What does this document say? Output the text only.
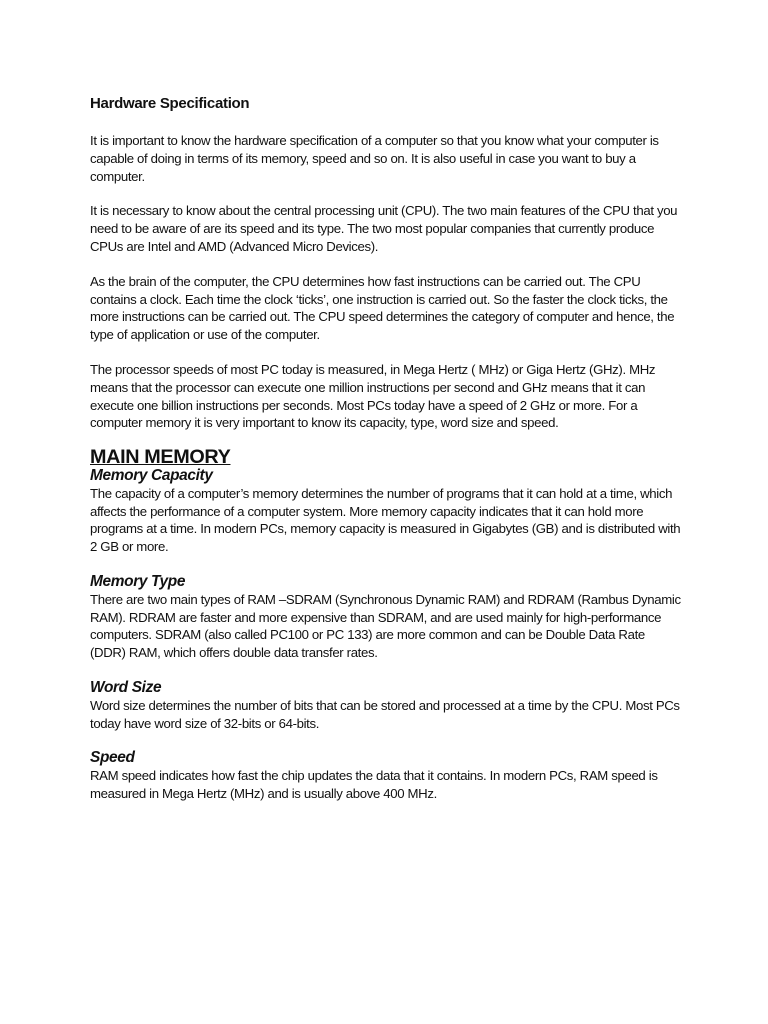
Hardware Specification

It is important to know the hardware specification of a computer so that you know what your computer is capable of doing in terms of its memory, speed and so on. It is also useful in case you want to buy a computer.

It is necessary to know about the central processing unit (CPU). The two main features of the CPU that you need to be aware of are its speed and its type. The two most popular companies that currently produce CPUs are Intel and AMD (Advanced Micro Devices).

As the brain of the computer, the CPU determines how fast instructions can be carried out. The CPU contains a clock. Each time the clock ‘ticks’, one instruction is carried out. So the faster the clock ticks, the more instructions can be carried out. The CPU speed determines the category of computer and hence, the type of application or use of the computer.

The processor speeds of most PC today is measured, in Mega Hertz ( MHz) or Giga Hertz (GHz). MHz means that the processor can execute one million instructions per second and GHz means that it can execute one billion instructions per seconds. Most PCs today have a speed of 2 GHz or more. For a computer memory it is very important to know its capacity, type, word size and speed.

MAIN MEMORY
Memory Capacity

The capacity of a computer’s memory determines the number of programs that it can hold at a time, which affects the performance of a computer system. More memory capacity indicates that it can hold more programs at a time. In modern PCs, memory capacity is measured in Gigabytes (GB) and is distributed with 2 GB or more.

Memory Type

There are two main types of RAM –SDRAM (Synchronous Dynamic RAM) and RDRAM (Rambus Dynamic RAM). RDRAM are faster and more expensive than SDRAM, and are used mainly for high-performance computers. SDRAM (also called PC100 or PC 133) are more common and can be Double Data Rate (DDR) RAM, which offers double data transfer rates.

Word Size

Word size determines the number of bits that can be stored and processed at a time by the CPU. Most PCs today have word size of 32-bits or 64-bits.

Speed

RAM speed indicates how fast the chip updates the data that it contains. In modern PCs, RAM speed is measured in Mega Hertz (MHz) and is usually above 400 MHz.
